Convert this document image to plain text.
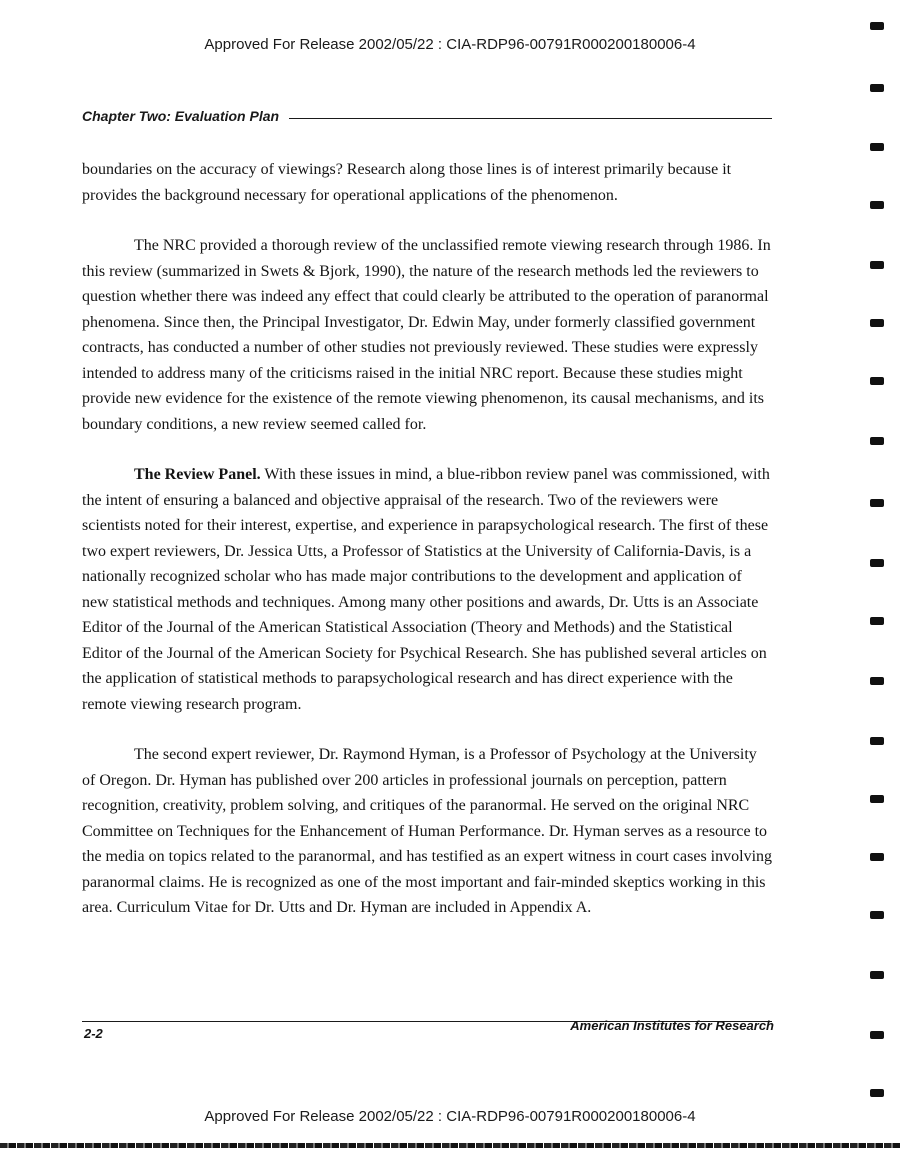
Approved For Release 2002/05/22 : CIA-RDP96-00791R000200180006-4
Chapter Two: Evaluation Plan

boundaries on the accuracy of viewings? Research along those lines is of interest primarily because it provides the background necessary for operational applications of the phenomenon.

The NRC provided a thorough review of the unclassified remote viewing research through 1986. In this review (summarized in Swets & Bjork, 1990), the nature of the research methods led the reviewers to question whether there was indeed any effect that could clearly be attributed to the operation of paranormal phenomena. Since then, the Principal Investigator, Dr. Edwin May, under formerly classified government contracts, has conducted a number of other studies not previously reviewed. These studies were expressly intended to address many of the criticisms raised in the initial NRC report. Because these studies might provide new evidence for the existence of the remote viewing phenomenon, its causal mechanisms, and its boundary conditions, a new review seemed called for.

The Review Panel. With these issues in mind, a blue-ribbon review panel was commissioned, with the intent of ensuring a balanced and objective appraisal of the research. Two of the reviewers were scientists noted for their interest, expertise, and experience in parapsychological research. The first of these two expert reviewers, Dr. Jessica Utts, a Professor of Statistics at the University of California-Davis, is a nationally recognized scholar who has made major contributions to the development and application of new statistical methods and techniques. Among many other positions and awards, Dr. Utts is an Associate Editor of the Journal of the American Statistical Association (Theory and Methods) and the Statistical Editor of the Journal of the American Society for Psychical Research. She has published several articles on the application of statistical methods to parapsychological research and has direct experience with the remote viewing research program.

The second expert reviewer, Dr. Raymond Hyman, is a Professor of Psychology at the University of Oregon. Dr. Hyman has published over 200 articles in professional journals on perception, pattern recognition, creativity, problem solving, and critiques of the paranormal. He served on the original NRC Committee on Techniques for the Enhancement of Human Performance. Dr. Hyman serves as a resource to the media on topics related to the paranormal, and has testified as an expert witness in court cases involving paranormal claims. He is recognized as one of the most important and fair-minded skeptics working in this area. Curriculum Vitae for Dr. Utts and Dr. Hyman are included in Appendix A.

2-2
American Institutes for Research
Approved For Release 2002/05/22 : CIA-RDP96-00791R000200180006-4
